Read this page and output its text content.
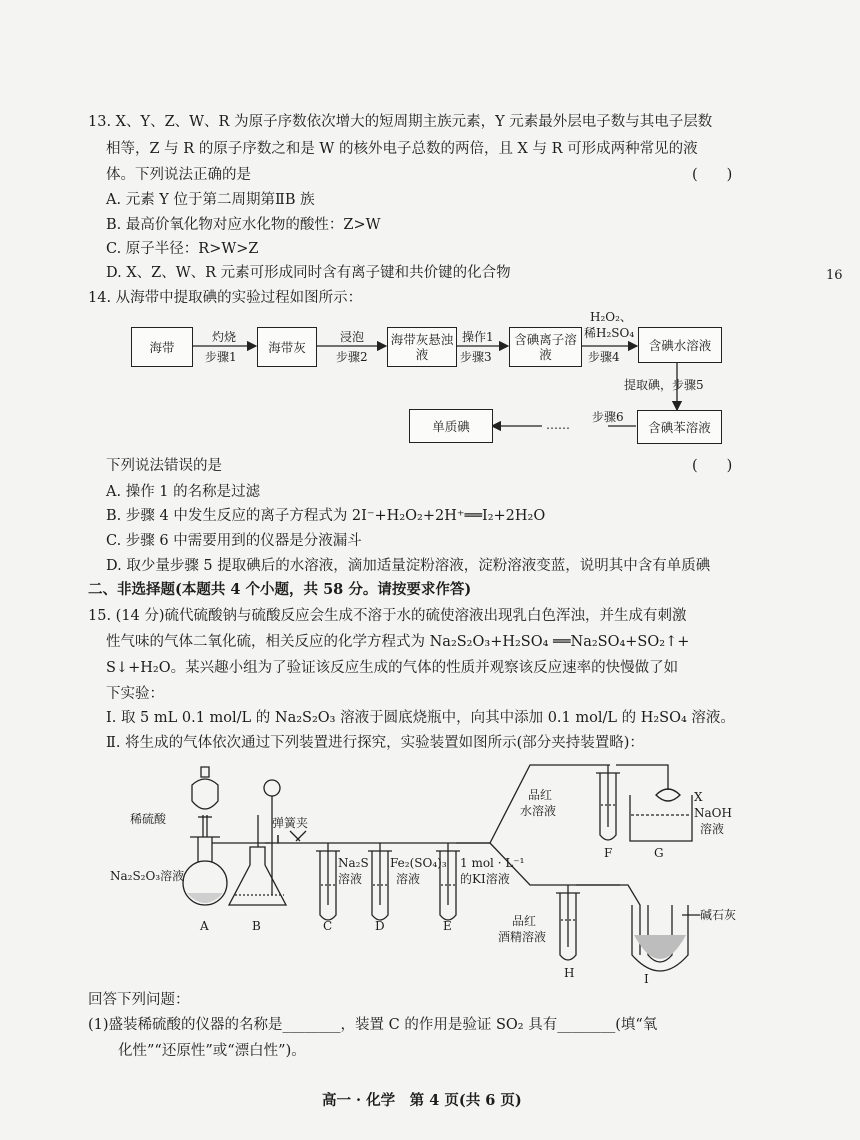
16
13. X、Y、Z、W、R 为原子序数依次增大的短周期主族元素，Y 元素最外层电子数与其电子层数
相等，Z 与 R 的原子序数之和是 W 的核外电子总数的两倍，且 X 与 R 可形成两种常见的液
体。下列说法正确的是	(　　)
A. 元素 Y 位于第二周期第ⅡB 族
B. 最高价氧化物对应水化物的酸性：Z>W
C. 原子半径：R>W>Z
D. X、Z、W、R 元素可形成同时含有离子键和共价键的化合物
14. 从海带中提取碘的实验过程如图所示：
海带	海带灰	海带灰悬浊液
含碘离子溶液
含碘水溶液
含碘苯溶液
单质碘
灼烧
步骤1
浸泡
步骤2
操作1
步骤3
H₂O₂、
稀H₂SO₄
步骤4
提取碘，步骤5
步骤6
……
下列说法错误的是	(　　)
A. 操作 1 的名称是过滤
B. 步骤 4 中发生反应的离子方程式为 2I⁻+H₂O₂+2H⁺══I₂+2H₂O
C. 步骤 6 中需要用到的仪器是分液漏斗
D. 取少量步骤 5 提取碘后的水溶液，滴加适量淀粉溶液，淀粉溶液变蓝，说明其中含有单质碘
二、非选择题(本题共 4 个小题，共 58 分。请按要求作答)
15. (14 分)硫代硫酸钠与硫酸反应会生成不溶于水的硫使溶液出现乳白色浑浊，并生成有刺激
性气味的气体二氧化硫，相关反应的化学方程式为 Na₂S₂O₃+H₂SO₄ ══Na₂SO₄+SO₂↑+
S↓+H₂O。某兴趣小组为了验证该反应生成的气体的性质并观察该反应速率的快慢做了如
下实验：
Ⅰ. 取 5 mL 0.1 mol/L 的 Na₂S₂O₃ 溶液于圆底烧瓶中，向其中添加 0.1 mol/L 的 H₂SO₄ 溶液。
Ⅱ. 将生成的气体依次通过下列装置进行探究，实验装置如图所示(部分夹持装置略)：
稀硫酸
Na₂S₂O₃溶液
弹簧夹
Na₂S
溶液
Fe₂(SO₄)₃
溶液
1 mol · L⁻¹
的KI溶液
品红
水溶液
X
NaOH
溶液
品红
酒精溶液
碱石灰
A	B	C	D	E
F	G
H	I
回答下列问题：
(1)盛装稀硫酸的仪器的名称是________，装置 C 的作用是验证 SO₂ 具有________(填“氧
化性”“还原性”或“漂白性”)。
高一 · 化学　第 4 页(共 6 页)
